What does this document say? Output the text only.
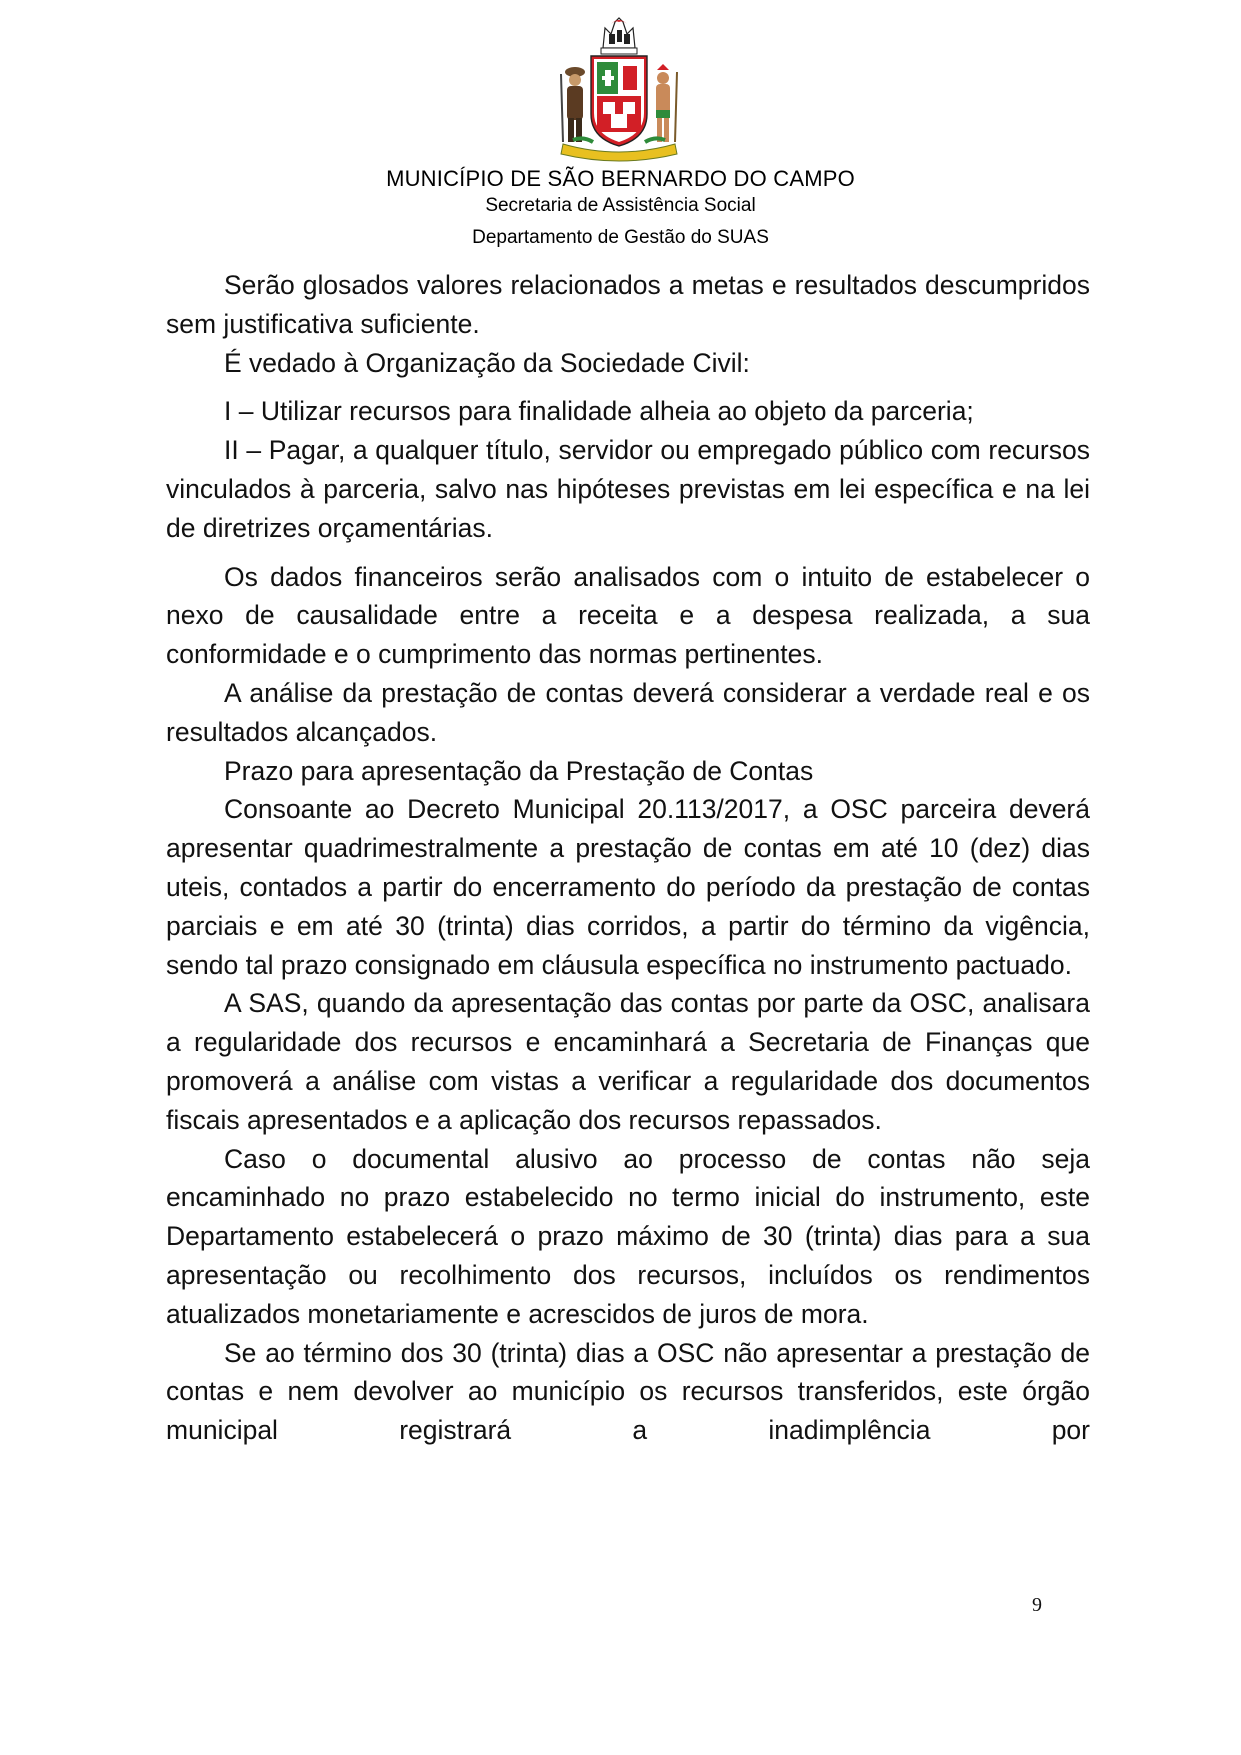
MUNICÍPIO DE SÃO BERNARDO DO CAMPO
Secretaria de Assistência Social
Departamento de Gestão do SUAS

Serão glosados valores relacionados a metas e resultados descumpridos sem justificativa suficiente.

É vedado à Organização da Sociedade Civil:

I – Utilizar recursos para finalidade alheia ao objeto da parceria;

II – Pagar, a qualquer título, servidor ou empregado público com recursos vinculados à parceria, salvo nas hipóteses previstas em lei específica e na lei de diretrizes orçamentárias.

Os dados financeiros serão analisados com o intuito de estabelecer o nexo de causalidade entre a receita e a despesa realizada, a sua conformidade e o cumprimento das normas pertinentes.

A análise da prestação de contas deverá considerar a verdade real e os resultados alcançados.

Prazo para apresentação da Prestação de Contas

Consoante ao Decreto Municipal 20.113/2017, a OSC parceira deverá apresentar quadrimestralmente a prestação de contas em até 10 (dez) dias uteis, contados a partir do encerramento do período da prestação de contas parciais e em até 30 (trinta) dias corridos, a partir do término da vigência, sendo tal prazo consignado em cláusula específica no instrumento pactuado.

A SAS, quando da apresentação das contas por parte da OSC, analisara a regularidade dos recursos e encaminhará a Secretaria de Finanças que promoverá a análise com vistas a verificar a regularidade dos documentos fiscais apresentados e a aplicação dos recursos repassados.

Caso o documental alusivo ao processo de contas não seja encaminhado no prazo estabelecido no termo inicial do instrumento, este Departamento estabelecerá o prazo máximo de 30 (trinta) dias para a sua apresentação ou recolhimento dos recursos, incluídos os rendimentos atualizados monetariamente e acrescidos de juros de mora.

Se ao término dos 30 (trinta) dias a OSC não apresentar a prestação de contas e nem devolver ao município os recursos transferidos, este órgão municipal registrará a inadimplência por

9
